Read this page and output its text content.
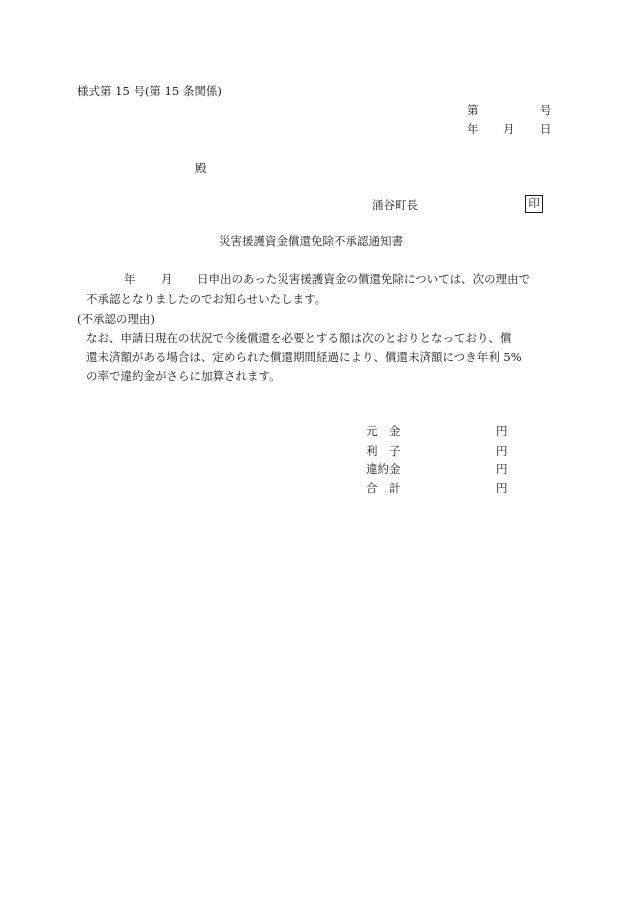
様式第 15 号(第 15 条関係)
第	号
年 月 日
殿
涌谷町長	印
災害援護資金償還免除不承認通知書
年 月 日申出のあった災害援護資金の償還免除については、次の理由で
不承認となりましたのでお知らせいたします。
(不承認の理由)
なお、申請日現在の状況で今後償還を必要とする額は次のとおりとなっており、償
還未済額がある場合は、定められた償還期間経過により、償還未済額につき年利 5%
の率で違約金がさらに加算されます。
元　金	円
利　子	円
違約金	円
合　計	円
